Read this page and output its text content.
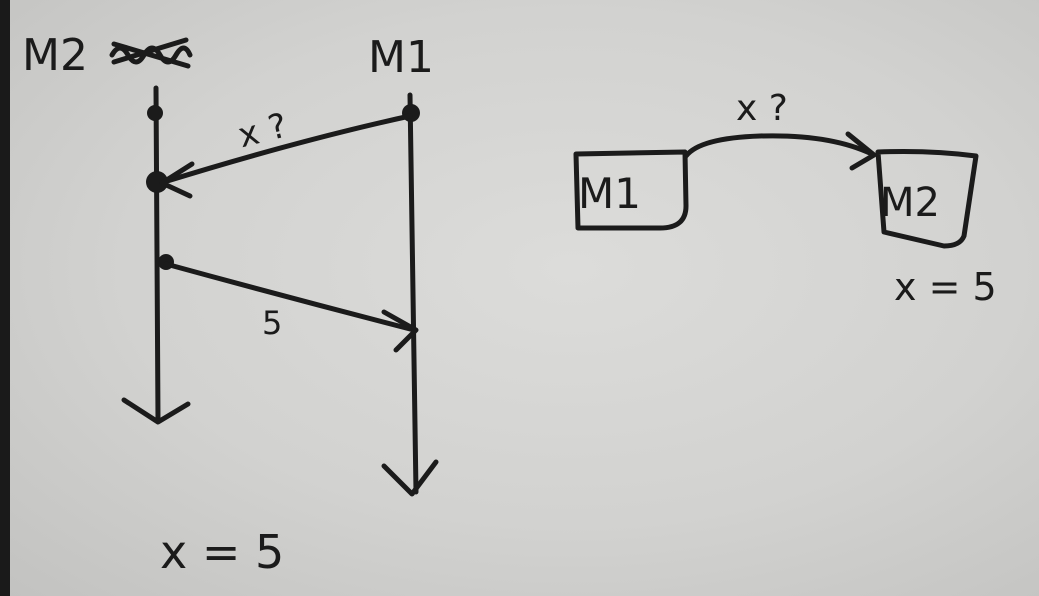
M2	M1
x ?
5
x = 5
M1	M2
x ?
x = 5
